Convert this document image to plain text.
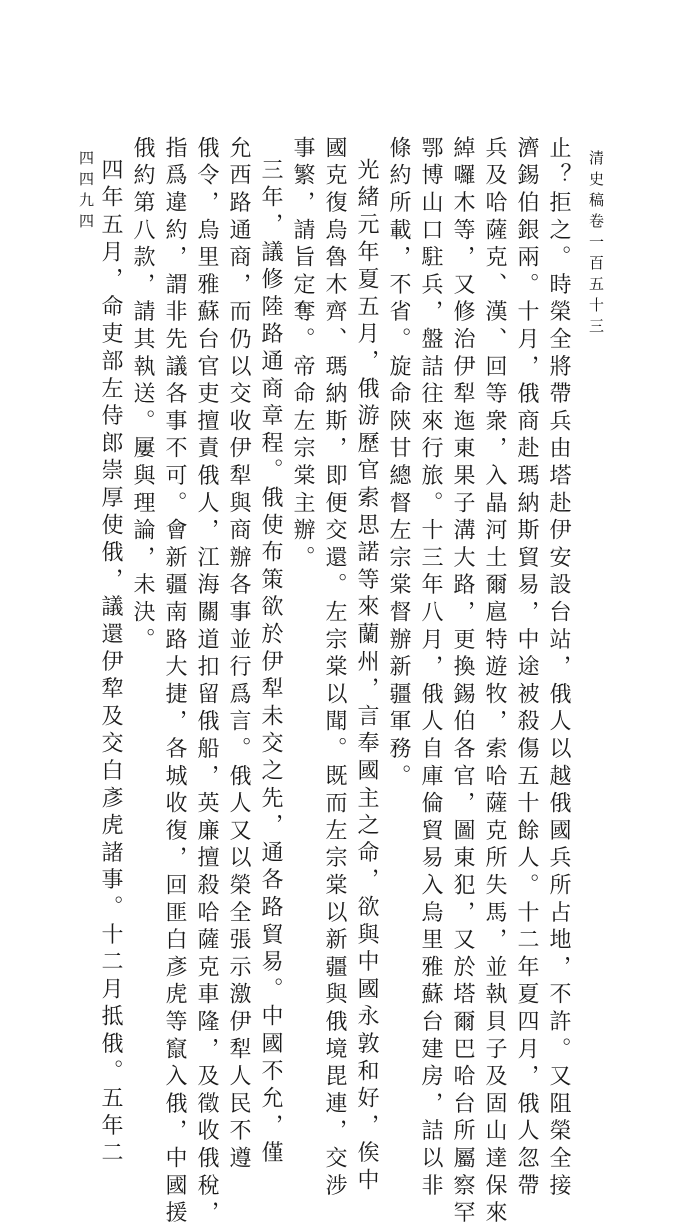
清史稿卷一百五十三
四四九四	止？拒之。時榮全將帶兵由塔赴伊安設台站，俄人以越俄國兵所占地，不許。又阻榮全接
濟錫伯銀兩。十月，俄商赴瑪納斯貿易，中途被殺傷五十餘人。十二年夏四月，俄人忽帶
兵及哈薩克、漢、回等衆，入晶河土爾扈特遊牧，索哈薩克所失馬，並執貝子及固山達保來
綽囉木等，又修治伊犁迤東果子溝大路，更換錫伯各官，圖東犯，又於塔爾巴哈台所屬察罕
鄂博山口駐兵，盤詰往來行旅。十三年八月，俄人自庫倫貿易入烏里雅蘇台建房，詰以非
條約所載，不省。旋命陝甘總督左宗棠督辦新疆軍務。
光緒元年夏五月，俄游歷官索思諾等來蘭州，言奉國主之命，欲與中國永敦和好，俟中
國克復烏魯木齊、瑪納斯，即便交還。左宗棠以聞。既而左宗棠以新疆與俄境毘連，交涉
事繁，請旨定奪。帝命左宗棠主辦。
三年，議修陸路通商章程。俄使布策欲於伊犁未交之先，通各路貿易。中國不允，僅
允西路通商，而仍以交收伊犁與商辦各事並行爲言。俄人又以榮全張示激伊犁人民不遵
俄令，烏里雅蘇台官吏擅責俄人，江海關道扣留俄船，英廉擅殺哈薩克車隆，及徵收俄稅，
指爲違約，謂非先議各事不可。會新疆南路大捷，各城收復，回匪白彥虎等竄入俄，中國援
俄約第八款，請其執送。屢與理論，未決。
四年五月，命吏部左侍郎崇厚使俄，議還伊犂及交白彥虎諸事。十二月抵俄。五年二
